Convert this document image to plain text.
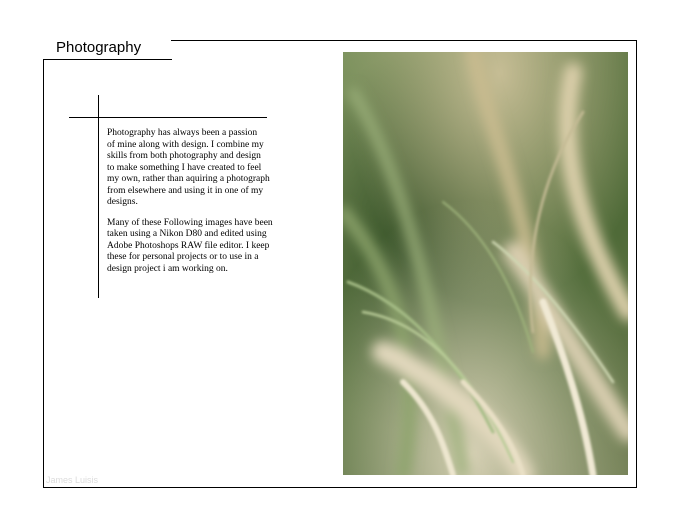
Photography

Photography has always been a passion
of mine along with design. I combine my
skills from both photography and design
to make something I have created to feel
my own, rather than aquiring a photograph
from elsewhere and using it in one of my
designs.

Many of these Following images have been
taken using a Nikon D80 and edited using
Adobe Photoshops RAW file editor. I keep
these for personal projects or to use in a
design project i am working on.

James Luisis
